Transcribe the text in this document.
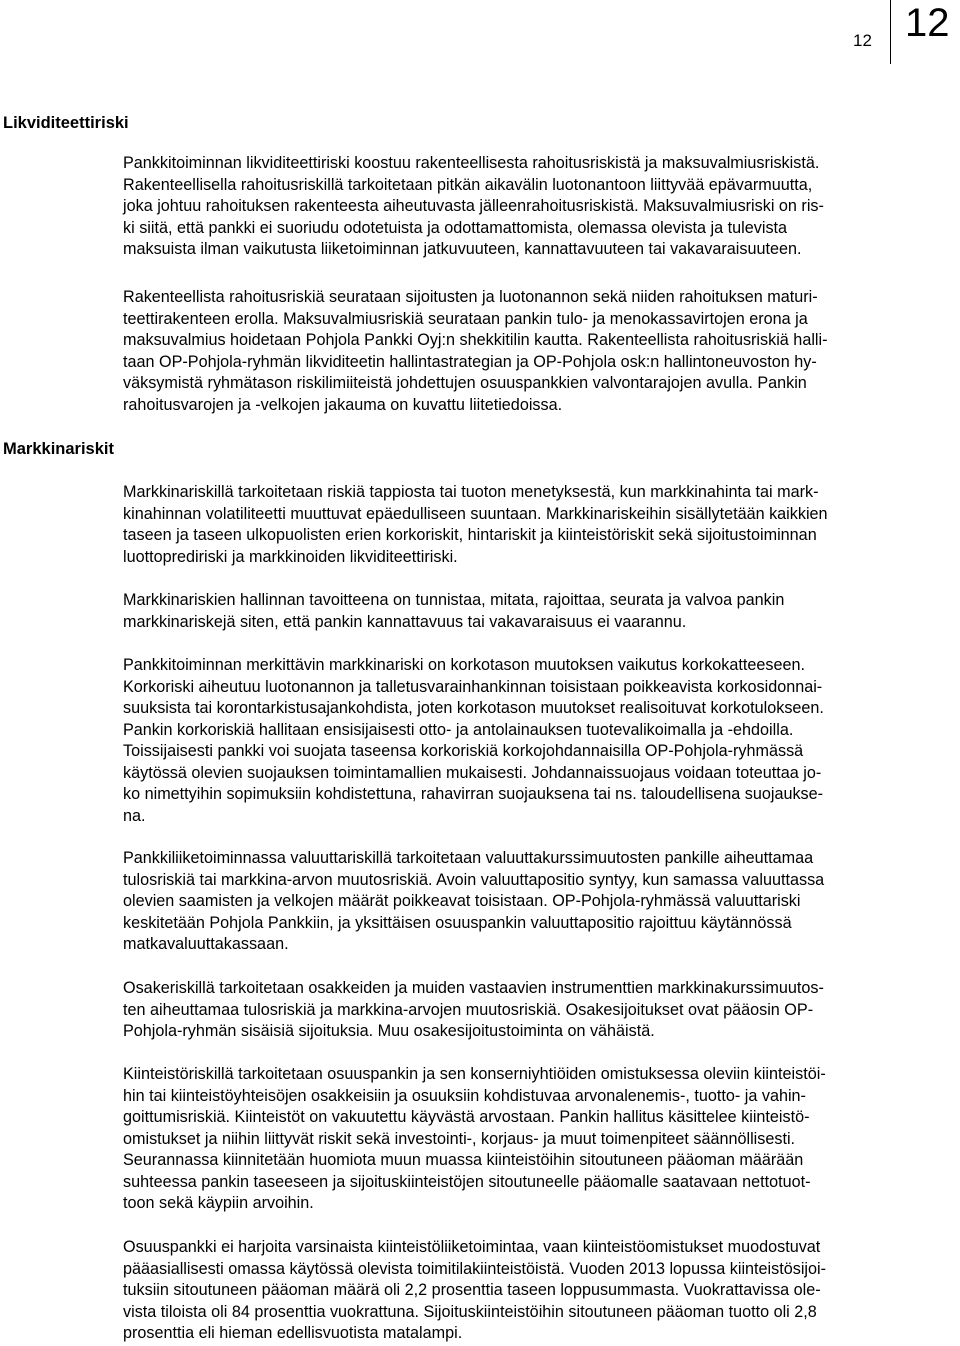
12 12
Likviditeettiriski
Markkinariskit
Pankkitoiminnan likviditeettiriski koostuu rakenteellisesta rahoitusriskistä ja maksuvalmiusriskistä.
Rakenteellisella rahoitusriskillä tarkoitetaan pitkän aikavälin luotonantoon liittyvää epävarmuutta,
joka johtuu rahoituksen rakenteesta aiheutuvasta jälleenrahoitusriskistä. Maksuvalmiusriski on ris-
ki siitä, että pankki ei suoriudu odotetuista ja odottamattomista, olemassa olevista ja tulevista
maksuista ilman vaikutusta liiketoiminnan jatkuvuuteen, kannattavuuteen tai vakavaraisuuteen.
Rakenteellista rahoitusriskiä seurataan sijoitusten ja luotonannon sekä niiden rahoituksen maturi-
teettirakenteen erolla. Maksuvalmiusriskiä seurataan pankin tulo- ja menokassavirtojen erona ja
maksuvalmius hoidetaan Pohjola Pankki Oyj:n shekkitilin kautta. Rakenteellista rahoitusriskiä halli-
taan OP-Pohjola-ryhmän likviditeetin hallintastrategian ja OP-Pohjola osk:n hallintoneuvoston hy-
väksymistä ryhmätason riskilimiiteistä johdettujen osuuspankkien valvontarajojen avulla. Pankin
rahoitusvarojen ja -velkojen jakauma on kuvattu liitetiedoissa.
Markkinariskillä tarkoitetaan riskiä tappiosta tai tuoton menetyksestä, kun markkinahinta tai mark-
kinahinnan volatiliteetti muuttuvat epäedulliseen suuntaan. Markkinariskeihin sisällytetään kaikkien
taseen ja taseen ulkopuolisten erien korkoriskit, hintariskit ja kiinteistöriskit sekä sijoitustoiminnan
luottoprediriski ja markkinoiden likviditeettiriski.
Markkinariskien hallinnan tavoitteena on tunnistaa, mitata, rajoittaa, seurata ja valvoa pankin
markkinariskejä siten, että pankin kannattavuus tai vakavaraisuus ei vaarannu.
Pankkitoiminnan merkittävin markkinariski on korkotason muutoksen vaikutus korkokatteeseen.
Korkoriski aiheutuu luotonannon ja talletusvarainhankinnan toisistaan poikkeavista korkosidonnai-
suuksista tai korontarkistusajankohdista, joten korkotason muutokset realisoituvat korkotulokseen.
Pankin korkoriskiä hallitaan ensisijaisesti otto- ja antolainauksen tuotevalikoimalla ja -ehdoilla.
Toissijaisesti pankki voi suojata taseensa korkoriskiä korkojohdannaisilla OP-Pohjola-ryhmässä
käytössä olevien suojauksen toimintamallien mukaisesti. Johdannaissuojaus voidaan toteuttaa jo-
ko nimettyihin sopimuksiin kohdistettuna, rahavirran suojauksena tai ns. taloudellisena suojaukse-
na.
Pankkiliiketoiminnassa valuuttariskillä tarkoitetaan valuuttakurssimuutosten pankille aiheuttamaa
tulosriskiä tai markkina-arvon muutosriskiä. Avoin valuuttapositio syntyy, kun samassa valuuttassa
olevien saamisten ja velkojen määrät poikkeavat toisistaan. OP-Pohjola-ryhmässä valuuttariski
keskitetään Pohjola Pankkiin, ja yksittäisen osuuspankin valuuttapositio rajoittuu käytännössä
matkavaluuttakassaan.
Osakeriskillä tarkoitetaan osakkeiden ja muiden vastaavien instrumenttien markkinakurssimuutos-
ten aiheuttamaa tulosriskiä ja markkina-arvojen muutosriskiä. Osakesijoitukset ovat pääosin OP-
Pohjola-ryhmän sisäisiä sijoituksia. Muu osakesijoitustoiminta on vähäistä.
Kiinteistöriskillä tarkoitetaan osuuspankin ja sen konserniyhtiöiden omistuksessa oleviin kiinteistöi-
hin tai kiinteistöyhteisöjen osakkeisiin ja osuuksiin kohdistuvaa arvonalenemis-, tuotto- ja vahin-
goittumisriskiä. Kiinteistöt on vakuutettu käyvästä arvostaan. Pankin hallitus käsittelee kiinteistö-
omistukset ja niihin liittyvät riskit sekä investointi-, korjaus- ja muut toimenpiteet säännöllisesti.
Seurannassa kiinnitetään huomiota muun muassa kiinteistöihin sitoutuneen pääoman määrään
suhteessa pankin taseeseen ja sijoituskiinteistöjen sitoutuneelle pääomalle saatavaan nettotuot-
toon sekä käypiin arvoihin.
Osuuspankki ei harjoita varsinaista kiinteistöliiketoimintaa, vaan kiinteistöomistukset muodostuvat
pääasiallisesti omassa käytössä olevista toimitilakiinteistöistä. Vuoden 2013 lopussa kiinteistösijoi-
tuksiin sitoutuneen pääoman määrä oli 2,2 prosenttia taseen loppusummasta. Vuokrattavissa ole-
vista tiloista oli 84 prosenttia vuokrattuna. Sijoituskiinteistöihin sitoutuneen pääoman tuotto oli 2,8
prosenttia eli hieman edellisvuotista matalampi.
